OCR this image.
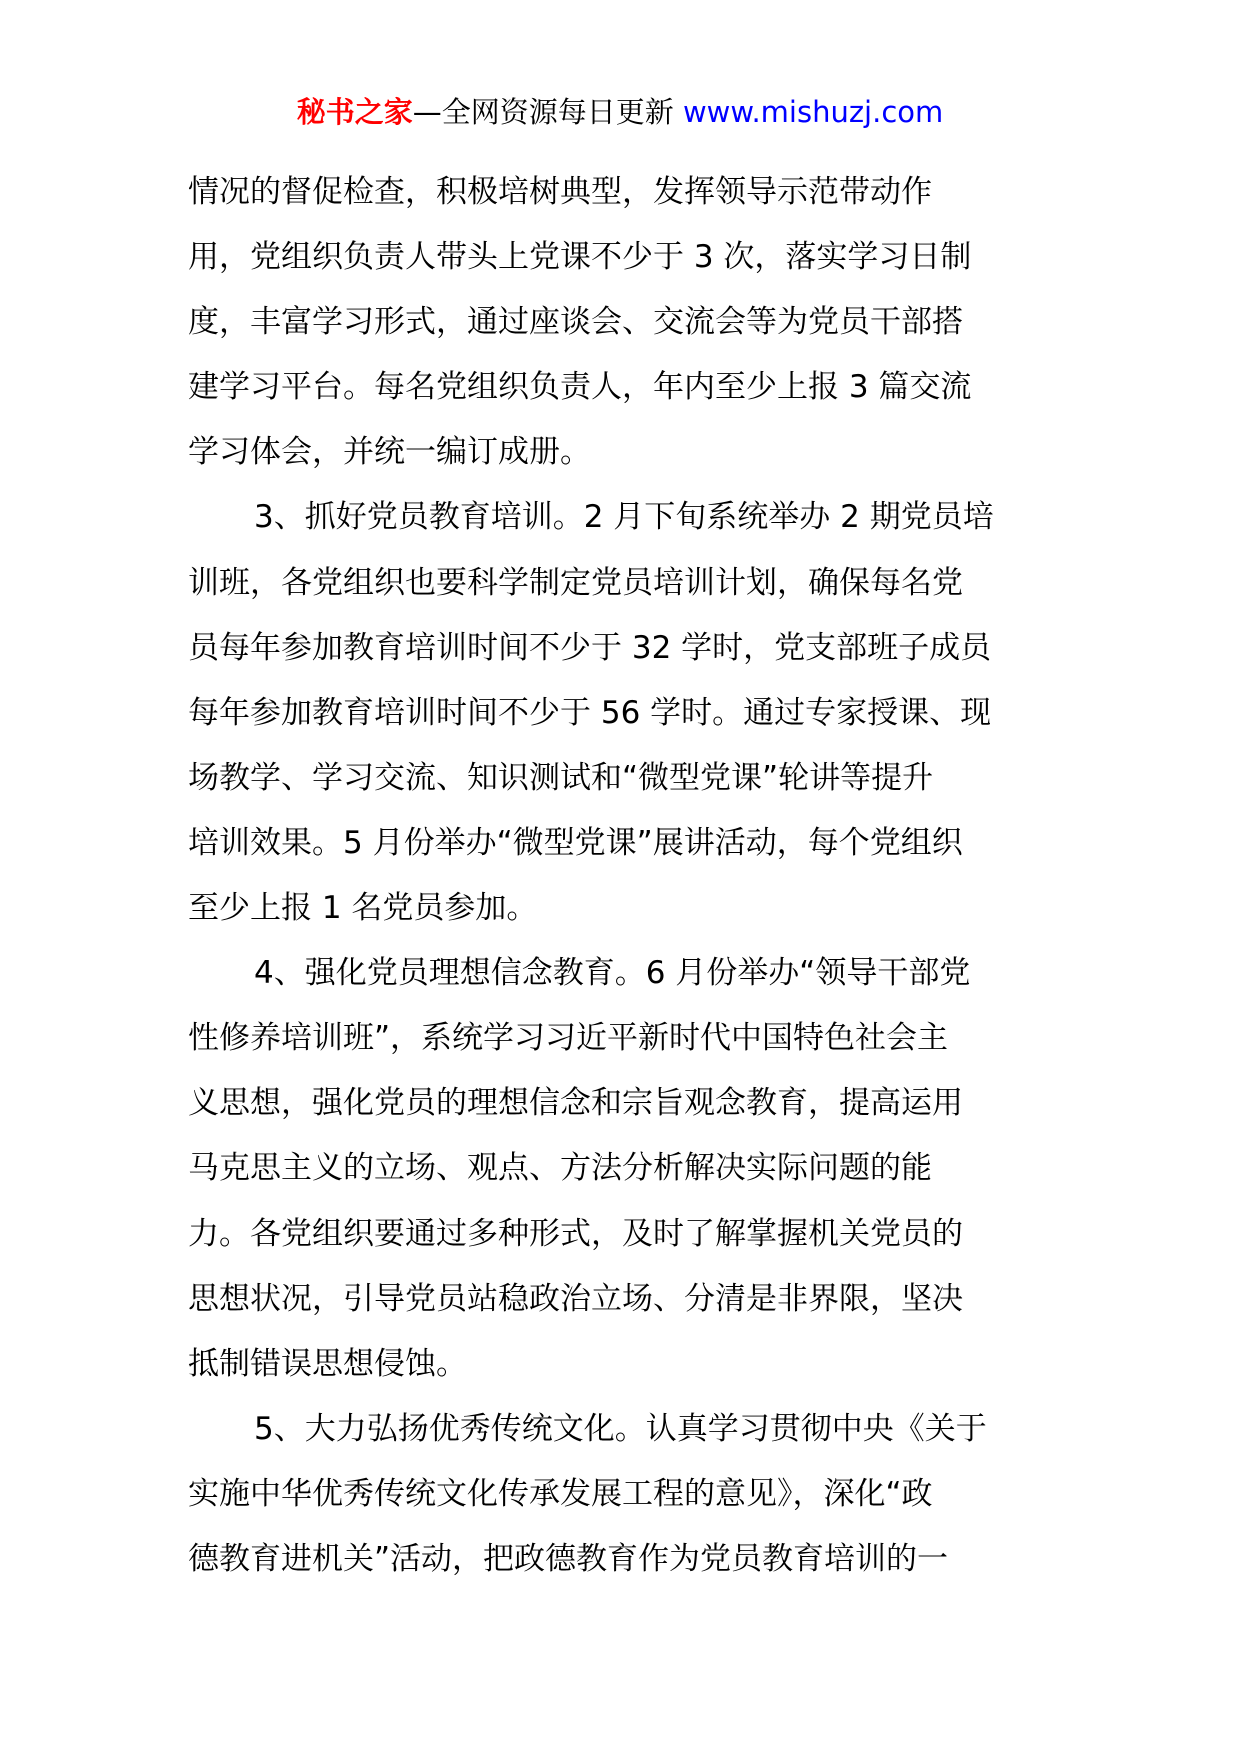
秘书之家—全网资源每日更新 www.mishuzj.com
情况的督促检查，积极培树典型，发挥领导示范带动作
用，党组织负责人带头上党课不少于 3 次，落实学习日制
度，丰富学习形式，通过座谈会、交流会等为党员干部搭
建学习平台。每名党组织负责人，年内至少上报 3 篇交流
学习体会，并统一编订成册。
3、抓好党员教育培训。2 月下旬系统举办 2 期党员培
训班，各党组织也要科学制定党员培训计划，确保每名党
员每年参加教育培训时间不少于 32 学时，党支部班子成员
每年参加教育培训时间不少于 56 学时。通过专家授课、现
场教学、学习交流、知识测试和“微型党课”轮讲等提升
培训效果。5 月份举办“微型党课”展讲活动，每个党组织
至少上报 1 名党员参加。
4、强化党员理想信念教育。6 月份举办“领导干部党
性修养培训班”，系统学习习近平新时代中国特色社会主
义思想，强化党员的理想信念和宗旨观念教育，提高运用
马克思主义的立场、观点、方法分析解决实际问题的能
力。各党组织要通过多种形式，及时了解掌握机关党员的
思想状况，引导党员站稳政治立场、分清是非界限，坚决
抵制错误思想侵蚀。
5、大力弘扬优秀传统文化。认真学习贯彻中央《关于
实施中华优秀传统文化传承发展工程的意见》，深化“政
德教育进机关”活动，把政德教育作为党员教育培训的一
